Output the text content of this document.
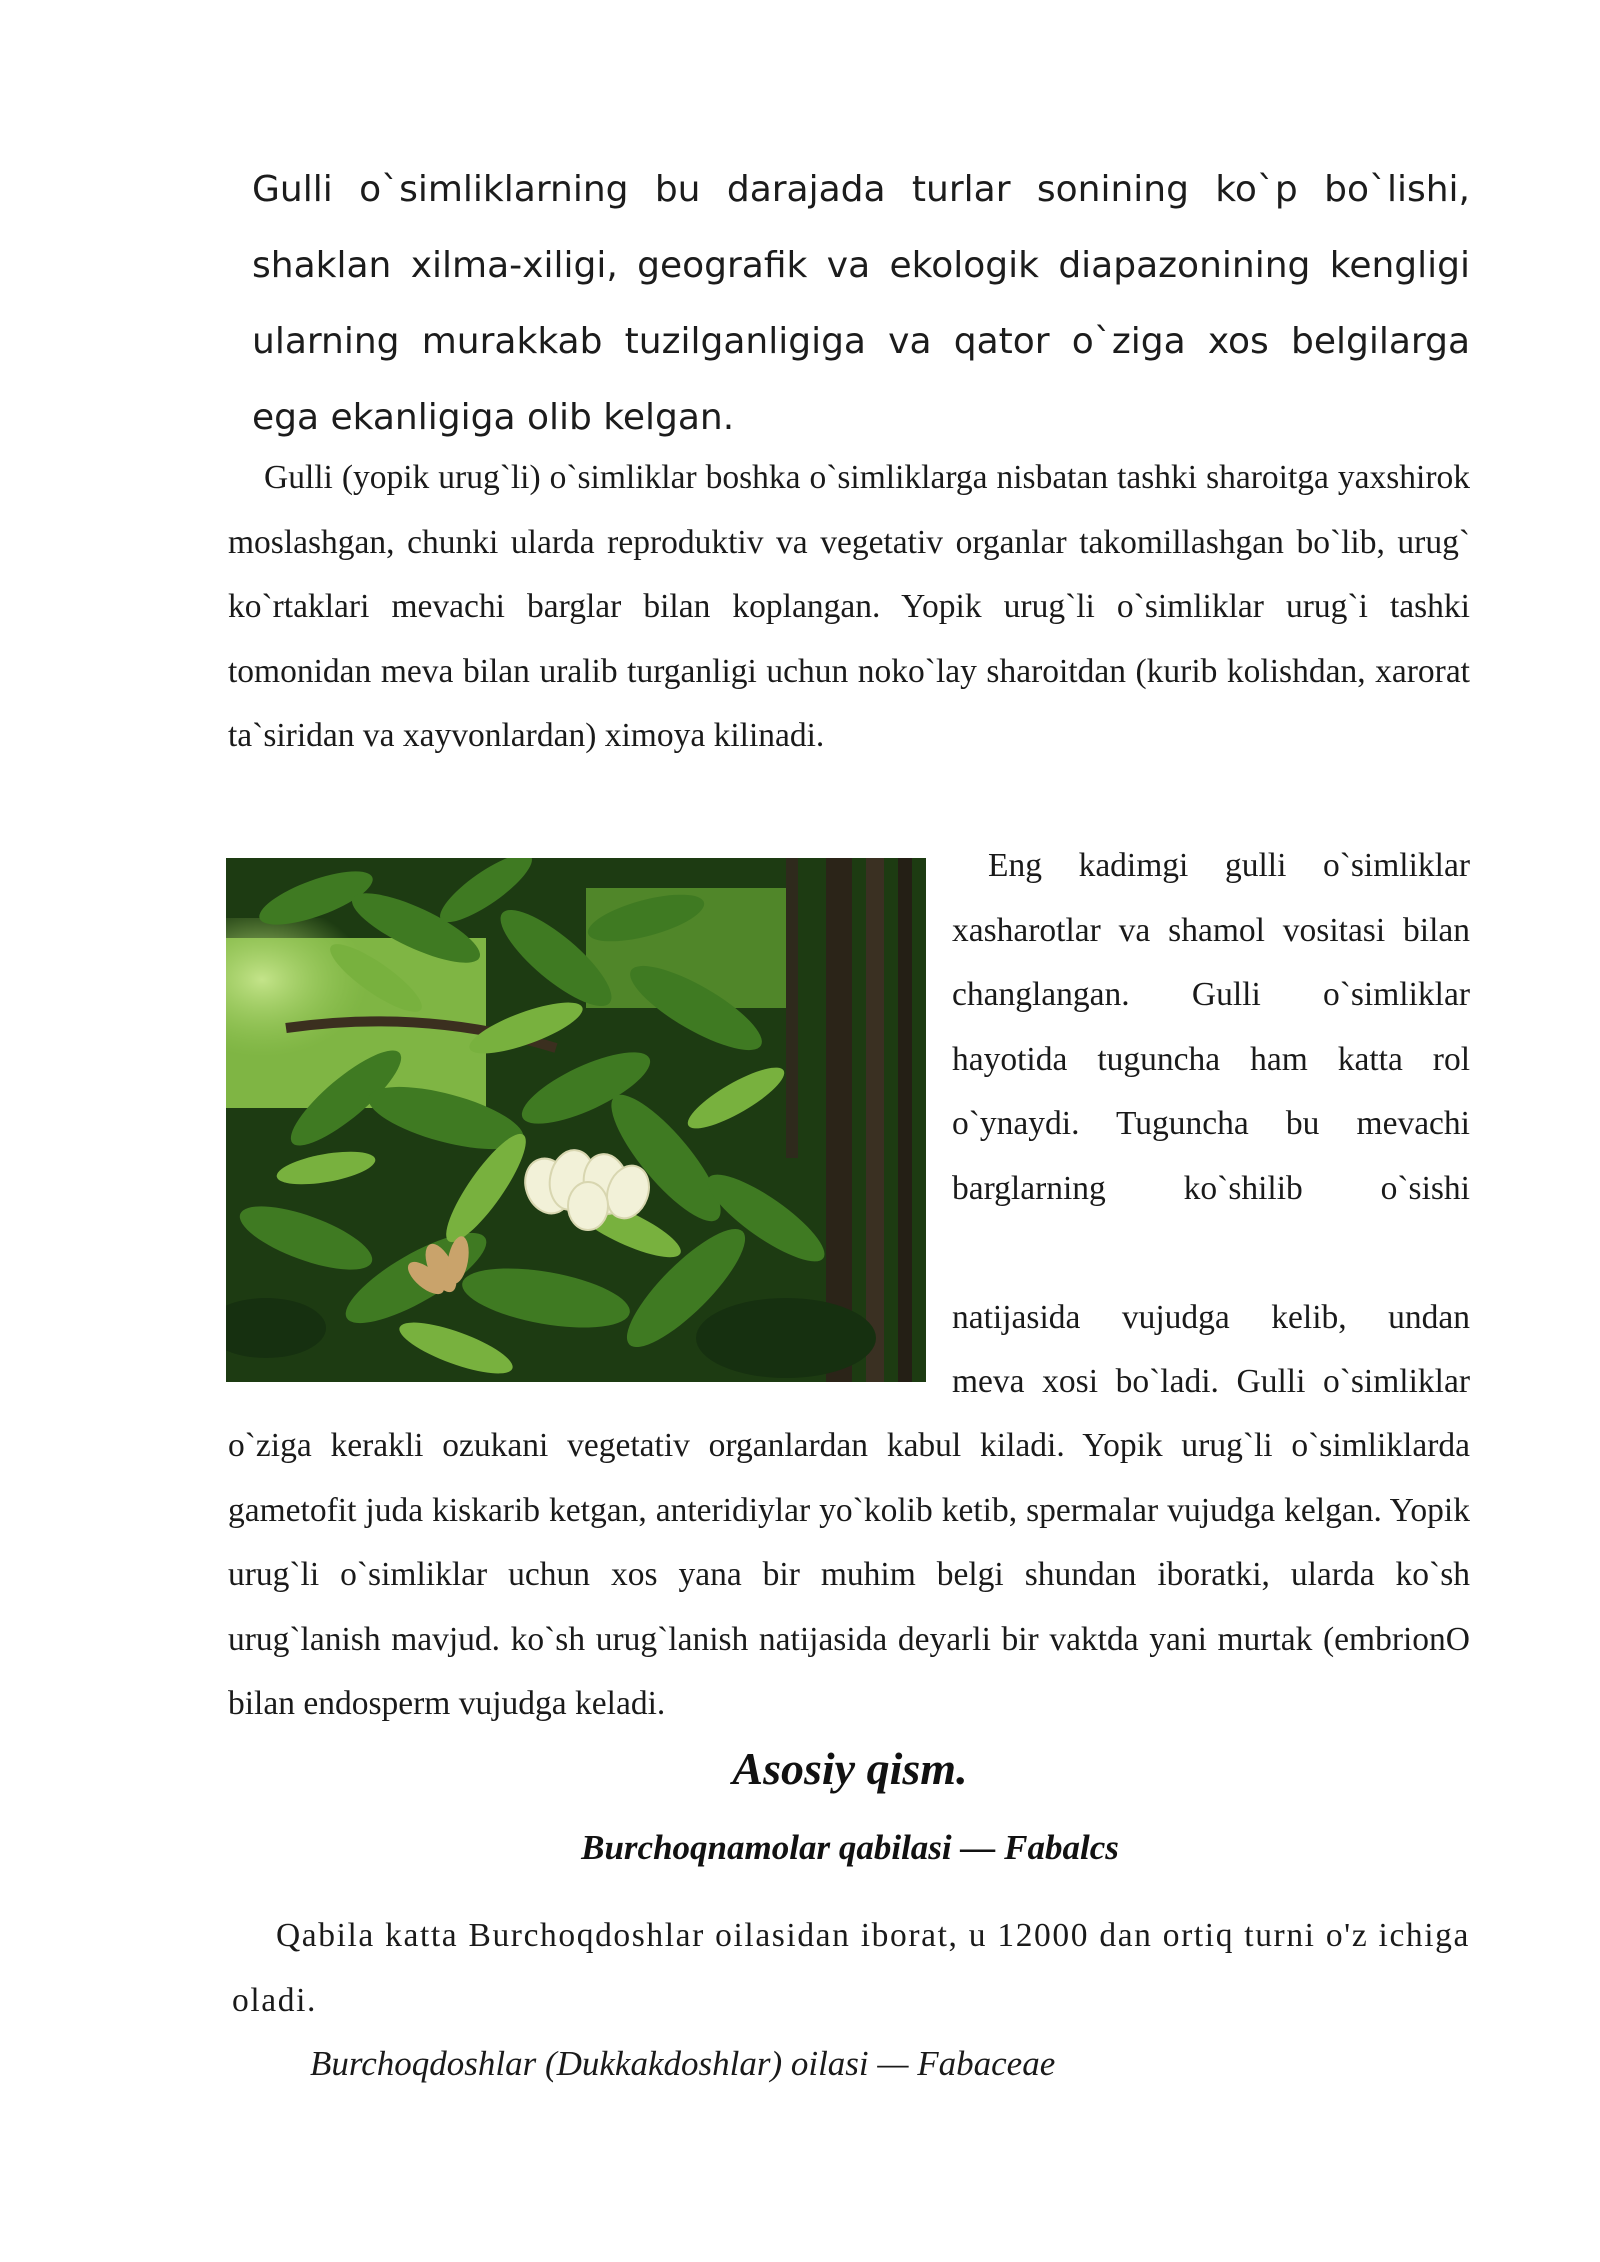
Gulli o`simliklarning bu darajada turlar sonining ko`p bo`lishi, shaklan xilma-xiligi, geografik va ekologik diapazonining kengligi ularning murakkab tuzilganligiga va qator o`ziga xos belgilarga ega ekanligiga olib kelgan.

Gulli (yopik urug`li) o`simliklar boshka o`simliklarga nisbatan tashki sharoitga yaxshirok moslashgan, chunki ularda reproduktiv va vegetativ organlar takomillashgan bo`lib, urug` ko`rtaklari mevachi barglar bilan koplangan. Yopik urug`li o`simliklar urug`i tashki tomonidan meva bilan uralib turganligi uchun noko`lay sharoitdan (kurib kolishdan, xarorat ta`siridan va xayvonlardan) ximoya kilinadi.

Eng kadimgi gulli o`simliklar
xasharotlar va shamol vositasi bilan
changlangan. Gulli o`simliklar
hayotida tuguncha ham katta rol
o`ynaydi. Tuguncha bu mevachi
barglarning ko`shilib o`sishi
natijasida vujudga kelib, undan
meva xosi bo`ladi. Gulli o`simliklar

o`ziga kerakli ozukani vegetativ organlardan kabul kiladi. Yopik urug`li o`simliklarda gametofit juda kiskarib ketgan, anteridiylar yo`kolib ketib, spermalar vujudga kelgan. Yopik urug`li o`simliklar uchun xos yana bir muhim belgi shundan iboratki, ularda ko`sh urug`lanish mavjud. ko`sh urug`lanish natijasida deyarli bir vaktda yani murtak (embrionO bilan endosperm vujudga keladi.

Asosiy qism.
Burchoqnamolar qabilasi — Fabalcs

Qabila katta Burchoqdoshlar oilasidan iborat, u 12000 dan ortiq turni o'z ichiga oladi.

Burchoqdoshlar (Dukkakdoshlar) oilasi — Fabaceae
